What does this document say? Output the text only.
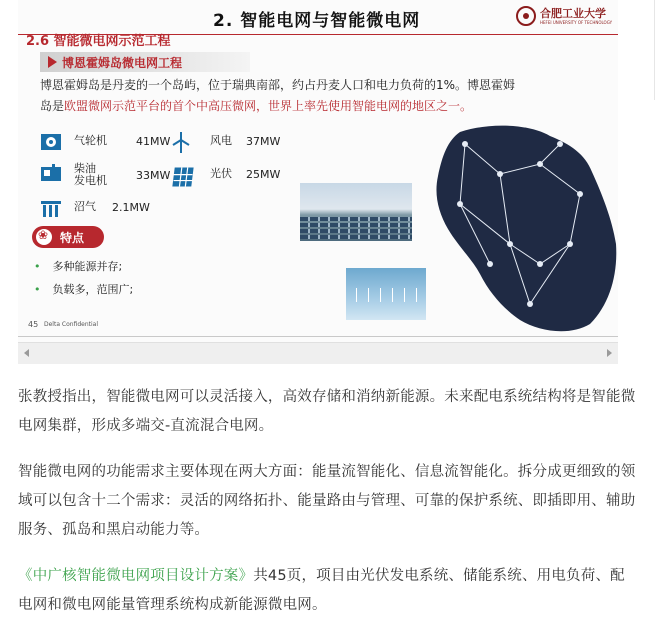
2. 智能电网与智能微电网	合肥工业大学
HEFEI UNIVERSITY OF TECHNOLOGY
2.6 智能微电网示范工程
博恩霍姆岛微电网工程
博恩霍姆岛是丹麦的一个岛屿，位于瑞典南部，约占丹麦人口和电力负荷的1%。博恩霍姆
岛是欧盟微网示范平台的首个中高压微网，世界上率先使用智能电网的地区之一。
气轮机	41MW	风电 37MW
柴油
发电机	33MW	光伏 25MW
沼气 2.1MW
❀
特点
• 多种能源并存;
• 负载多，范围广;
45 Delta Confidential
张教授指出，智能微电网可以灵活接入，高效存储和消纳新能源。未来配电系统结构将是智能微电网集群，形成多端交-直流混合电网。
智能微电网的功能需求主要体现在两大方面：能量流智能化、信息流智能化。拆分成更细致的领域可以包含十二个需求：灵活的网络拓扑、能量路由与管理、可靠的保护系统、即插即用、辅助服务、孤岛和黑启动能力等。
《中广核智能微电网项目设计方案》共45页，项目由光伏发电系统、储能系统、用电负荷、配电网和微电网能量管理系统构成新能源微电网。
